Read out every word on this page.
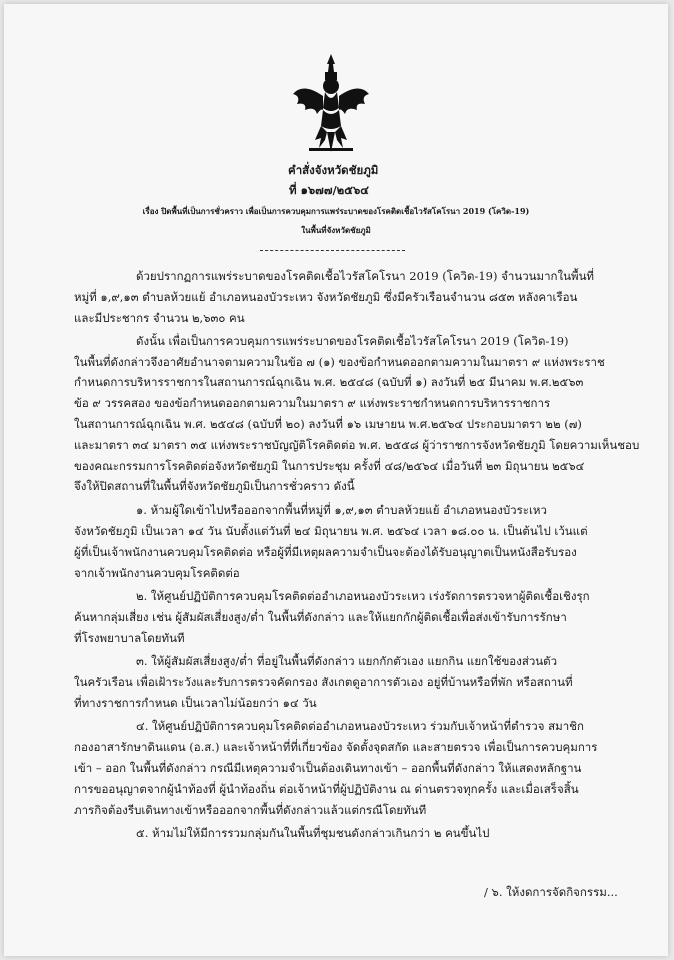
คำสั่งจังหวัดชัยภูมิ
ที่ ๑๖๗๗/๒๕๖๔
เรื่อง ปิดพื้นที่เป็นการชั่วคราว เพื่อเป็นการควบคุมการแพร่ระบาดของโรคติดเชื้อไวรัสโคโรนา 2019 (โควิด-19)
ในพื้นที่จังหวัดชัยภูมิ
ด้วยปรากฏการแพร่ระบาดของโรคติดเชื้อไวรัสโคโรนา 2019 (โควิด-19) จำนวนมากในพื้นที่
หมู่ที่ ๑,๙,๑๓ ตำบลห้วยแย้ อำเภอหนองบัวระเหว จังหวัดชัยภูมิ ซึ่งมีครัวเรือนจำนวน ๘๕๓ หลังคาเรือน
และมีประชากร จำนวน ๒,๖๓๐ คน
ดังนั้น เพื่อเป็นการควบคุมการแพร่ระบาดของโรคติดเชื้อไวรัสโคโรนา 2019 (โควิด-19)
ในพื้นที่ดังกล่าวจึงอาศัยอำนาจตามความในข้อ ๗ (๑) ของข้อกำหนดออกตามความในมาตรา ๙ แห่งพระราช
กำหนดการบริหารราชการในสถานการณ์ฉุกเฉิน พ.ศ. ๒๕๔๘ (ฉบับที่ ๑) ลงวันที่ ๒๕ มีนาคม พ.ศ.๒๕๖๓
ข้อ ๙ วรรคสอง ของข้อกำหนดออกตามความในมาตรา ๙ แห่งพระราชกำหนดการบริหารราชการ
ในสถานการณ์ฉุกเฉิน พ.ศ. ๒๕๔๘ (ฉบับที่ ๒๐) ลงวันที่ ๑๖ เมษายน พ.ศ.๒๕๖๔ ประกอบมาตรา ๒๒ (๗)
และมาตรา ๓๔ มาตรา ๓๕ แห่งพระราชบัญญัติโรคติดต่อ พ.ศ. ๒๕๕๘ ผู้ว่าราชการจังหวัดชัยภูมิ โดยความเห็นชอบ
ของคณะกรรมการโรคติดต่อจังหวัดชัยภูมิ ในการประชุม ครั้งที่ ๔๘/๒๕๖๔ เมื่อวันที่ ๒๓ มิถุนายน ๒๕๖๔
จึงให้ปิดสถานที่ในพื้นที่จังหวัดชัยภูมิเป็นการชั่วคราว ดังนี้
๑. ห้ามผู้ใดเข้าไปหรือออกจากพื้นที่หมู่ที่ ๑,๙,๑๓ ตำบลห้วยแย้ อำเภอหนองบัวระเหว
จังหวัดชัยภูมิ เป็นเวลา ๑๔ วัน นับตั้งแต่วันที่ ๒๔ มิถุนายน พ.ศ. ๒๕๖๔ เวลา ๑๘.๐๐ น. เป็นต้นไป เว้นแต่
ผู้ที่เป็นเจ้าพนักงานควบคุมโรคติดต่อ หรือผู้ที่มีเหตุผลความจำเป็นจะต้องได้รับอนุญาตเป็นหนังสือรับรอง
จากเจ้าพนักงานควบคุมโรคติดต่อ
๒. ให้ศูนย์ปฏิบัติการควบคุมโรคติดต่ออำเภอหนองบัวระเหว เร่งรัดการตรวจหาผู้ติดเชื้อเชิงรุก
ค้นหากลุ่มเสี่ยง เช่น ผู้สัมผัสเสี่ยงสูง/ต่ำ ในพื้นที่ดังกล่าว และให้แยกกักผู้ติดเชื้อเพื่อส่งเข้ารับการรักษา
ที่โรงพยาบาลโดยทันที
๓. ให้ผู้สัมผัสเสี่ยงสูง/ต่ำ ที่อยู่ในพื้นที่ดังกล่าว แยกกักตัวเอง แยกกิน แยกใช้ของส่วนตัว
ในครัวเรือน เพื่อเฝ้าระวังและรับการตรวจคัดกรอง สังเกตดูอาการตัวเอง อยู่ที่บ้านหรือที่พัก หรือสถานที่
ที่ทางราชการกำหนด เป็นเวลาไม่น้อยกว่า ๑๔ วัน
๔. ให้ศูนย์ปฏิบัติการควบคุมโรคติดต่ออำเภอหนองบัวระเหว ร่วมกับเจ้าหน้าที่ตำรวจ สมาชิก
กองอาสารักษาดินแดน (อ.ส.) และเจ้าหน้าที่ที่เกี่ยวข้อง จัดตั้งจุดสกัด และสายตรวจ เพื่อเป็นการควบคุมการ
เข้า – ออก ในพื้นที่ดังกล่าว กรณีมีเหตุความจำเป็นต้องเดินทางเข้า – ออกพื้นที่ดังกล่าว ให้แสดงหลักฐาน
การขออนุญาตจากผู้นำท้องที่ ผู้นำท้องถิ่น ต่อเจ้าหน้าที่ผู้ปฏิบัติงาน ณ ด่านตรวจทุกครั้ง และเมื่อเสร็จสิ้น
ภารกิจต้องรีบเดินทางเข้าหรือออกจากพื้นที่ดังกล่าวแล้วแต่กรณีโดยทันที
๕. ห้ามไม่ให้มีการรวมกลุ่มกันในพื้นที่ชุมชนดังกล่าวเกินกว่า ๒ คนขึ้นไป
/ ๖. ให้งดการจัดกิจกรรม...
